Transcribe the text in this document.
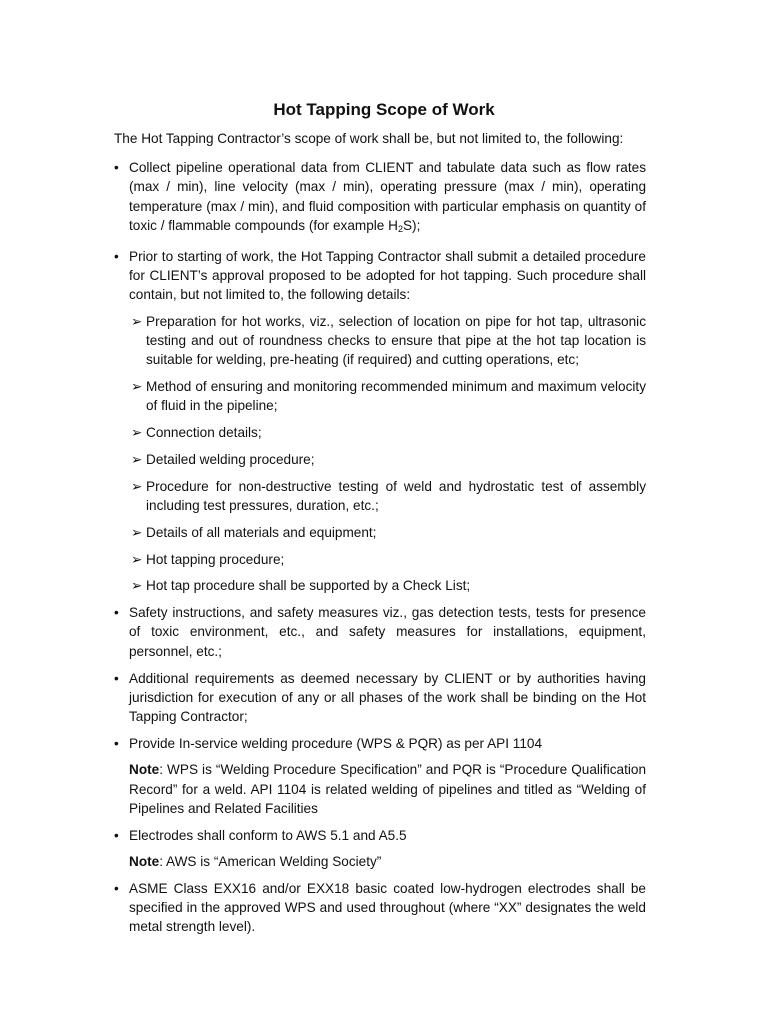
Hot Tapping Scope of Work
The Hot Tapping Contractor’s scope of work shall be, but not limited to, the following:
• Collect pipeline operational data from CLIENT and tabulate data such as flow rates (max / min), line velocity (max / min), operating pressure (max / min), operating temperature (max / min), and fluid composition with particular emphasis on quantity of toxic / flammable compounds (for example $H_2S$);
• Prior to starting of work, the Hot Tapping Contractor shall submit a detailed procedure for CLIENT’s approval proposed to be adopted for hot tapping. Such procedure shall contain, but not limited to, the following details:
➢ Preparation for hot works, viz., selection of location on pipe for hot tap, ultrasonic testing and out of roundness checks to ensure that pipe at the hot tap location is suitable for welding, pre-heating (if required) and cutting operations, etc;
➢ Method of ensuring and monitoring recommended minimum and maximum velocity of fluid in the pipeline;
➢ Connection details;
➢ Detailed welding procedure;
➢ Procedure for non-destructive testing of weld and hydrostatic test of assembly including test pressures, duration, etc.;
➢ Details of all materials and equipment;
➢ Hot tapping procedure;
➢ Hot tap procedure shall be supported by a Check List;
• Safety instructions, and safety measures viz., gas detection tests, tests for presence of toxic environment, etc., and safety measures for installations, equipment, personnel, etc.;
• Additional requirements as deemed necessary by CLIENT or by authorities having jurisdiction for execution of any or all phases of the work shall be binding on the Hot Tapping Contractor;
• Provide In-service welding procedure (WPS & PQR) as per API 1104
Note: WPS is “Welding Procedure Specification” and PQR is “Procedure Qualification Record” for a weld. API 1104 is related welding of pipelines and titled as “Welding of Pipelines and Related Facilities
• Electrodes shall conform to AWS 5.1 and A5.5
Note: AWS is “American Welding Society”
• ASME Class EXX16 and/or EXX18 basic coated low-hydrogen electrodes shall be specified in the approved WPS and used throughout (where “XX” designates the weld metal strength level).
